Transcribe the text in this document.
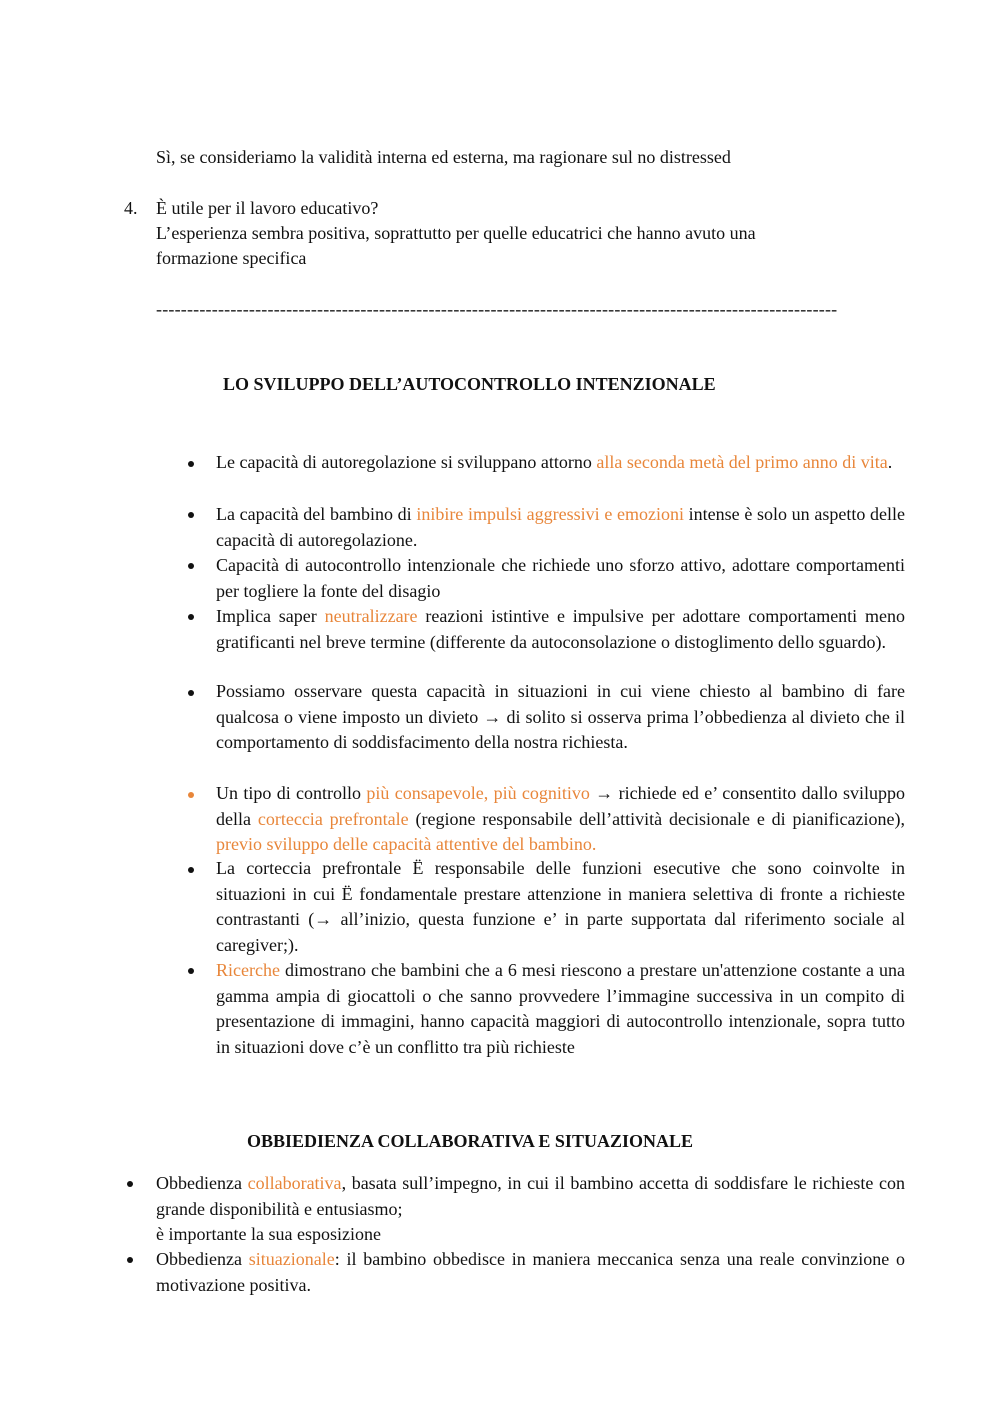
Sì, se consideriamo la validità interna ed esterna, ma ragionare sul no distressed
4. È utile per il lavoro educativo?
L’esperienza sembra positiva, soprattutto per quelle educatrici che hanno avuto una
formazione specifica
--------------------------------------------------------------------------------------------------------------
LO SVILUPPO DELL’AUTOCONTROLLO INTENZIONALE
Le capacità di autoregolazione si sviluppano attorno alla seconda metà del primo anno di vita.
La capacità del bambino di inibire impulsi aggressivi e emozioni intense è solo un aspetto delle capacità di autoregolazione.
Capacità di autocontrollo intenzionale che richiede uno sforzo attivo, adottare comportamenti per togliere la fonte del disagio
Implica saper neutralizzare reazioni istintive e impulsive per adottare comportamenti meno gratificanti nel breve termine (differente da autoconsolazione o distoglimento dello sguardo).
Possiamo osservare questa capacità in situazioni in cui viene chiesto al bambino di fare qualcosa o viene imposto un divieto → di solito si osserva prima l’obbedienza al divieto che il comportamento di soddisfacimento della nostra richiesta.
Un tipo di controllo più consapevole, più cognitivo → richiede ed e’ consentito dallo sviluppo della corteccia prefrontale (regione responsabile dell’attività decisionale e di pianificazione), previo sviluppo delle capacità attentive del bambino.
La corteccia prefrontale Ë responsabile delle funzioni esecutive che sono coinvolte in situazioni in cui Ë fondamentale prestare attenzione in maniera selettiva di fronte a richieste contrastanti (→ all’inizio, questa funzione e’ in parte supportata dal riferimento sociale al caregiver;).
Ricerche dimostrano che bambini che a 6 mesi riescono a prestare un'attenzione costante a una gamma ampia di giocattoli o che sanno provvedere l’immagine successiva in un compito di presentazione di immagini, hanno capacità maggiori di autocontrollo intenzionale, sopra tutto in situazioni dove c’è un conflitto tra più richieste
OBBIEDIENZA COLLABORATIVA E SITUAZIONALE
Obbedienza collaborativa, basata sull’impegno, in cui il bambino accetta di soddisfare le richieste con grande disponibilità e entusiasmo;
è importante la sua esposizione
Obbedienza situazionale: il bambino obbedisce in maniera meccanica senza una reale convinzione o motivazione positiva.
